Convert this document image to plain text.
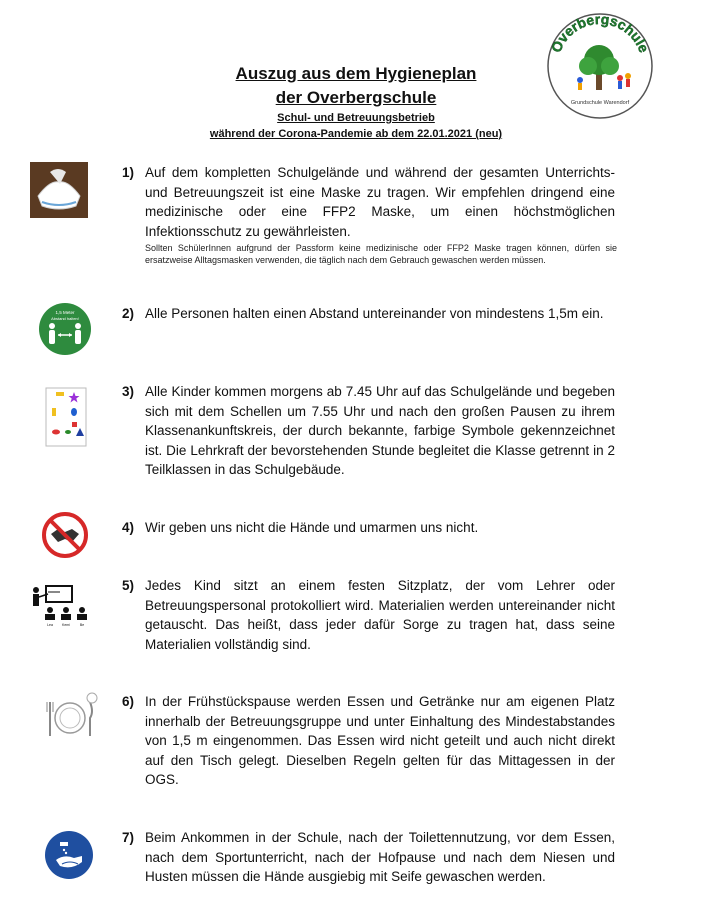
Auszug aus dem Hygieneplan
der Overbergschule
Schul- und Betreuungsbetrieb
während der Corona-Pandemie ab dem 22.01.2021 (neu)
Overbergschule
Grundschule Warendorf
1) Auf dem kompletten Schulgelände und während der gesamten Unterrichts- und Betreuungszeit ist eine Maske zu tragen. Wir empfehlen dringend eine medizinische oder eine FFP2 Maske, um einen höchstmöglichen Infektionsschutz zu gewährleisten.
Sollten SchülerInnen aufgrund der Passform keine medizinische oder FFP2 Maske tragen können, dürfen sie ersatzweise Alltagsmasken verwenden, die täglich nach dem Gebrauch gewaschen werden müssen.
1,5 Meter
Abstand halten!	2) Alle Personen halten einen Abstand untereinander von mindestens 1,5m ein.
3) Alle Kinder kommen morgens ab 7.45 Uhr auf das Schulgelände und begeben sich mit dem Schellen um 7.55 Uhr und nach den großen Pausen zu ihrem Klassenankunftskreis, der durch bekannte, farbige Symbole gekennzeichnet ist. Die Lehrkraft der bevorstehenden Stunde begleitet die Klasse getrennt in 2 Teilklassen in das Schulgebäude.
4) Wir geben uns nicht die Hände und umarmen uns nicht.
Lea	Kemi	Be
5) Jedes Kind sitzt an einem festen Sitzplatz, der vom Lehrer oder Betreuungspersonal protokolliert wird. Materialien werden untereinander nicht getauscht. Das heißt, dass jeder dafür Sorge zu tragen hat, dass seine Materialien vollständig sind.
6) In der Frühstückspause werden Essen und Getränke nur am eigenen Platz innerhalb der Betreuungsgruppe und unter Einhaltung des Mindestabstandes von 1,5 m eingenommen. Das Essen wird nicht geteilt und auch nicht direkt auf den Tisch gelegt. Dieselben Regeln gelten für das Mittagessen in der OGS.
7) Beim Ankommen in der Schule, nach der Toilettennutzung, vor dem Essen, nach dem Sportunterricht, nach der Hofpause und nach dem Niesen und Husten müssen die Hände ausgiebig mit Seife gewaschen werden.
